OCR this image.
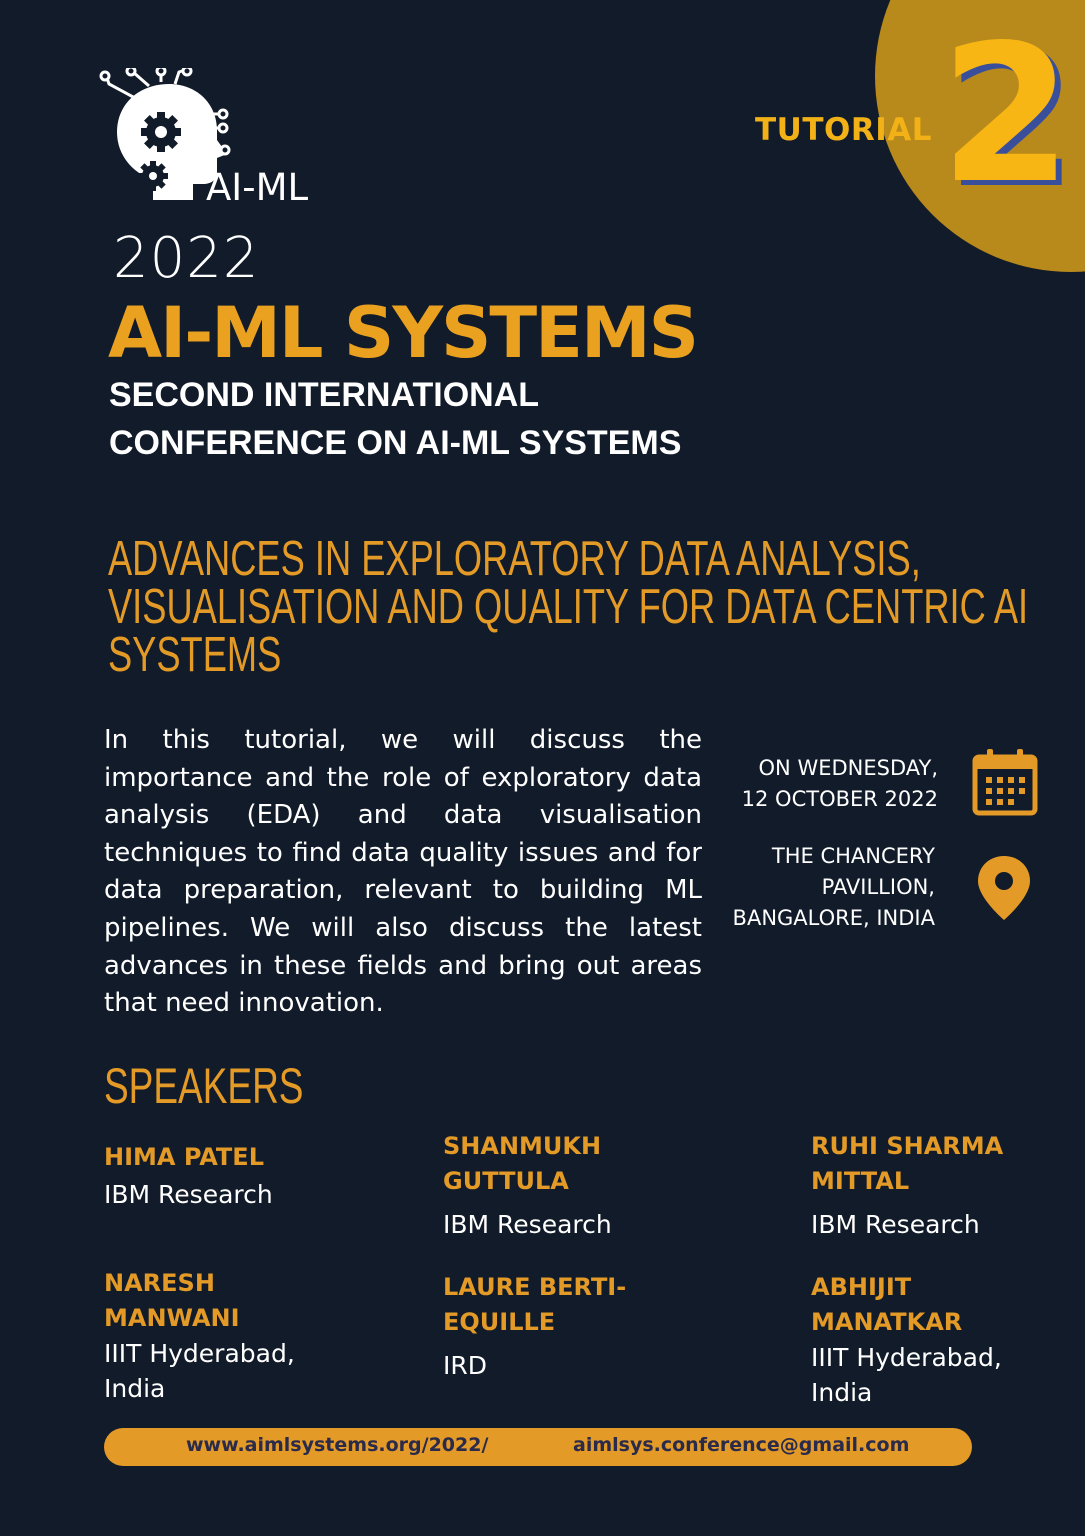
TUTORIAL 2
AI-ML
2022
AI-ML SYSTEMS
SECOND INTERNATIONAL
CONFERENCE ON AI-ML SYSTEMS
ADVANCES IN EXPLORATORY DATA ANALYSIS,
VISUALISATION AND QUALITY FOR DATA CENTRIC AI
SYSTEMS
In this tutorial, we will discuss the importance and the role of exploratory data analysis (EDA) and data visualisation techniques to find data quality issues and for data preparation, relevant to building ML pipelines. We will also discuss the latest advances in these fields and bring out areas that need innovation.
ON WEDNESDAY,
12 OCTOBER 2022
THE CHANCERY
PAVILLION,
BANGALORE, INDIA
SPEAKERS
HIMA PATEL
IBM Research
SHANMUKH
GUTTULA
IBM Research
RUHI SHARMA
MITTAL
IBM Research
NARESH
MANWANI
IIIT Hyderabad,
India
LAURE BERTI-
EQUILLE
IRD
ABHIJIT
MANATKAR
IIIT Hyderabad,
India
www.aimlsystems.org/2022/	aimlsys.conference@gmail.com
